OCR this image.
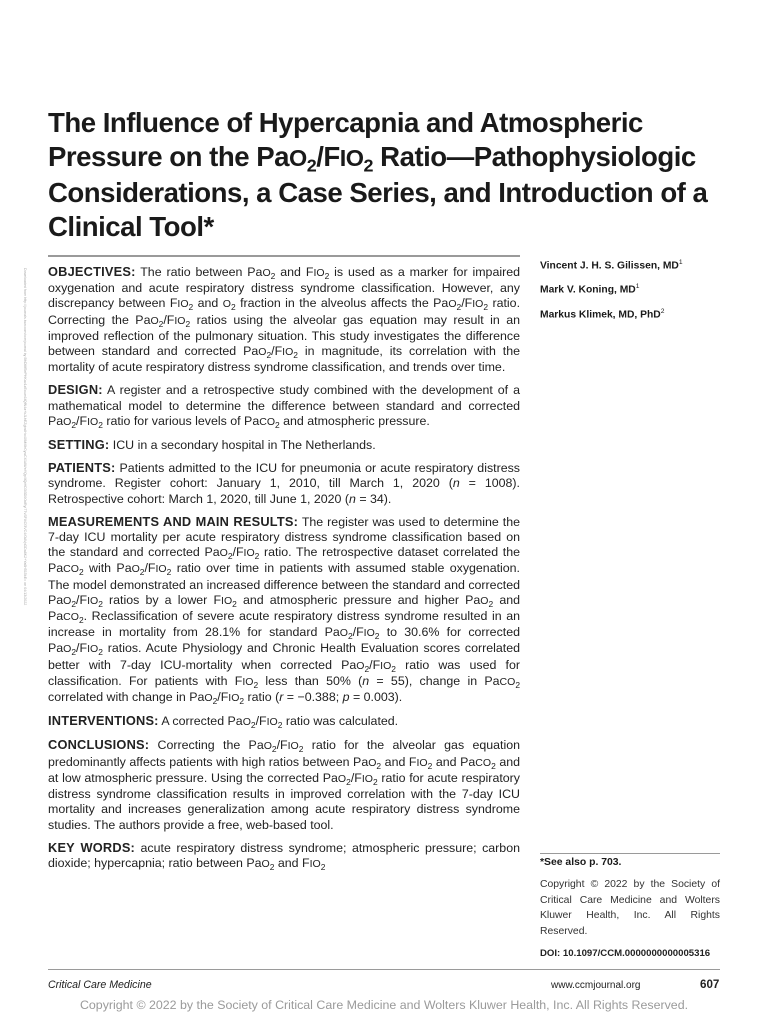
The Influence of Hypercapnia and Atmospheric Pressure on the $PaO_2/FIO_2$ Ratio—Pathophysiologic Considerations, a Case Series, and Introduction of a Clinical Tool*
Downloaded from http://journals.lww.com/ccmjournal by BhDMf5ePHKav1zEoum1tQfN4a+kJLhEZgbsIHo4XMi0hCywCX1AWnYQp/IlQrHD3i3D0OdRyi7TvSFl4Cf3VC4/OAVpDDa8K2+Ya6H515kE= on 04/13/2022
Vincent J. H. S. Gilissen, $MD^1$
Mark V. Koning, $MD^1$
Markus Klimek, MD, PhD$^2$

OBJECTIVES: The ratio between PaO$_2$ and $FIO_2$ is used as a marker for impaired oxygenation and acute respiratory distress syndrome classification. However, any discrepancy between $FIO_2$ and $O_2$ fraction in the alveolus affects the $PaO_2/FIO_2$ ratio. Correcting the $PaO_2/FIO_2$ ratios using the alveolar gas equation may result in an improved reflection of the pulmonary situation. This study investigates the difference between standard and corrected $PaO_2/FIO_2$ in magnitude, its correlation with the mortality of acute respiratory distress syndrome classification, and trends over time.

DESIGN: A register and a retrospective study combined with the development of a mathematical model to determine the difference between standard and corrected $PaO_2/FIO_2$ ratio for various levels of PaCO$_2$ and atmospheric pressure.

SETTING: ICU in a secondary hospital in The Netherlands.

PATIENTS: Patients admitted to the ICU for pneumonia or acute respiratory distress syndrome. Register cohort: January 1, 2010, till March 1, 2020 (n = 1008). Retrospective cohort: March 1, 2020, till June 1, 2020 (n = 34).

MEASUREMENTS AND MAIN RESULTS: The register was used to determine the 7-day ICU mortality per acute respiratory distress syndrome classification based on the standard and corrected $PaO_2/FIO_2$ ratio. The retrospective dataset correlated the PaCO$_2$ with $PaO_2/FIO_2$ ratio over time in patients with assumed stable oxygenation. The model demonstrated an increased difference between the standard and corrected $PaO_2/FIO_2$ ratios by a lower $FIO_2$ and atmospheric pressure and higher PaO$_2$ and PaCO$_2$. Reclassification of severe acute respiratory distress syndrome resulted in an increase in mortality from 28.1% for standard $PaO_2/FIO_2$ to 30.6% for corrected $PaO_2/FIO_2$ ratios. Acute Physiology and Chronic Health Evaluation scores correlated better with 7-day ICU-mortality when corrected $PaO_2/FIO_2$ ratio was used for classification. For patients with $FIO_2$ less than 50% (n = 55), change in PaCO$_2$ correlated with change in $PaO_2/FIO_2$ ratio (r = −0.388; p = 0.003).

INTERVENTIONS: A corrected $PaO_2/FIO_2$ ratio was calculated.

CONCLUSIONS: Correcting the $PaO_2/FIO_2$ ratio for the alveolar gas equation predominantly affects patients with high ratios between PaO$_2$ and $FIO_2$ and PaCO$_2$ and at low atmospheric pressure. Using the corrected $PaO_2/FIO_2$ ratio for acute respiratory distress syndrome classification results in improved correlation with the 7-day ICU mortality and increases generalization among acute respiratory distress syndrome studies. The authors provide a free, web-based tool.

KEY WORDS: acute respiratory distress syndrome; atmospheric pressure; carbon dioxide; hypercapnia; ratio between PaO$_2$ and $FIO_2$	*See also p. 703.
Copyright © 2022 by the Society of Critical Care Medicine and Wolters Kluwer Health, Inc. All Rights Reserved.
DOI: 10.1097/CCM.0000000000005316
Critical Care Medicine	www.ccmjournal.org	607
Copyright © 2022 by the Society of Critical Care Medicine and Wolters Kluwer Health, Inc. All Rights Reserved.
